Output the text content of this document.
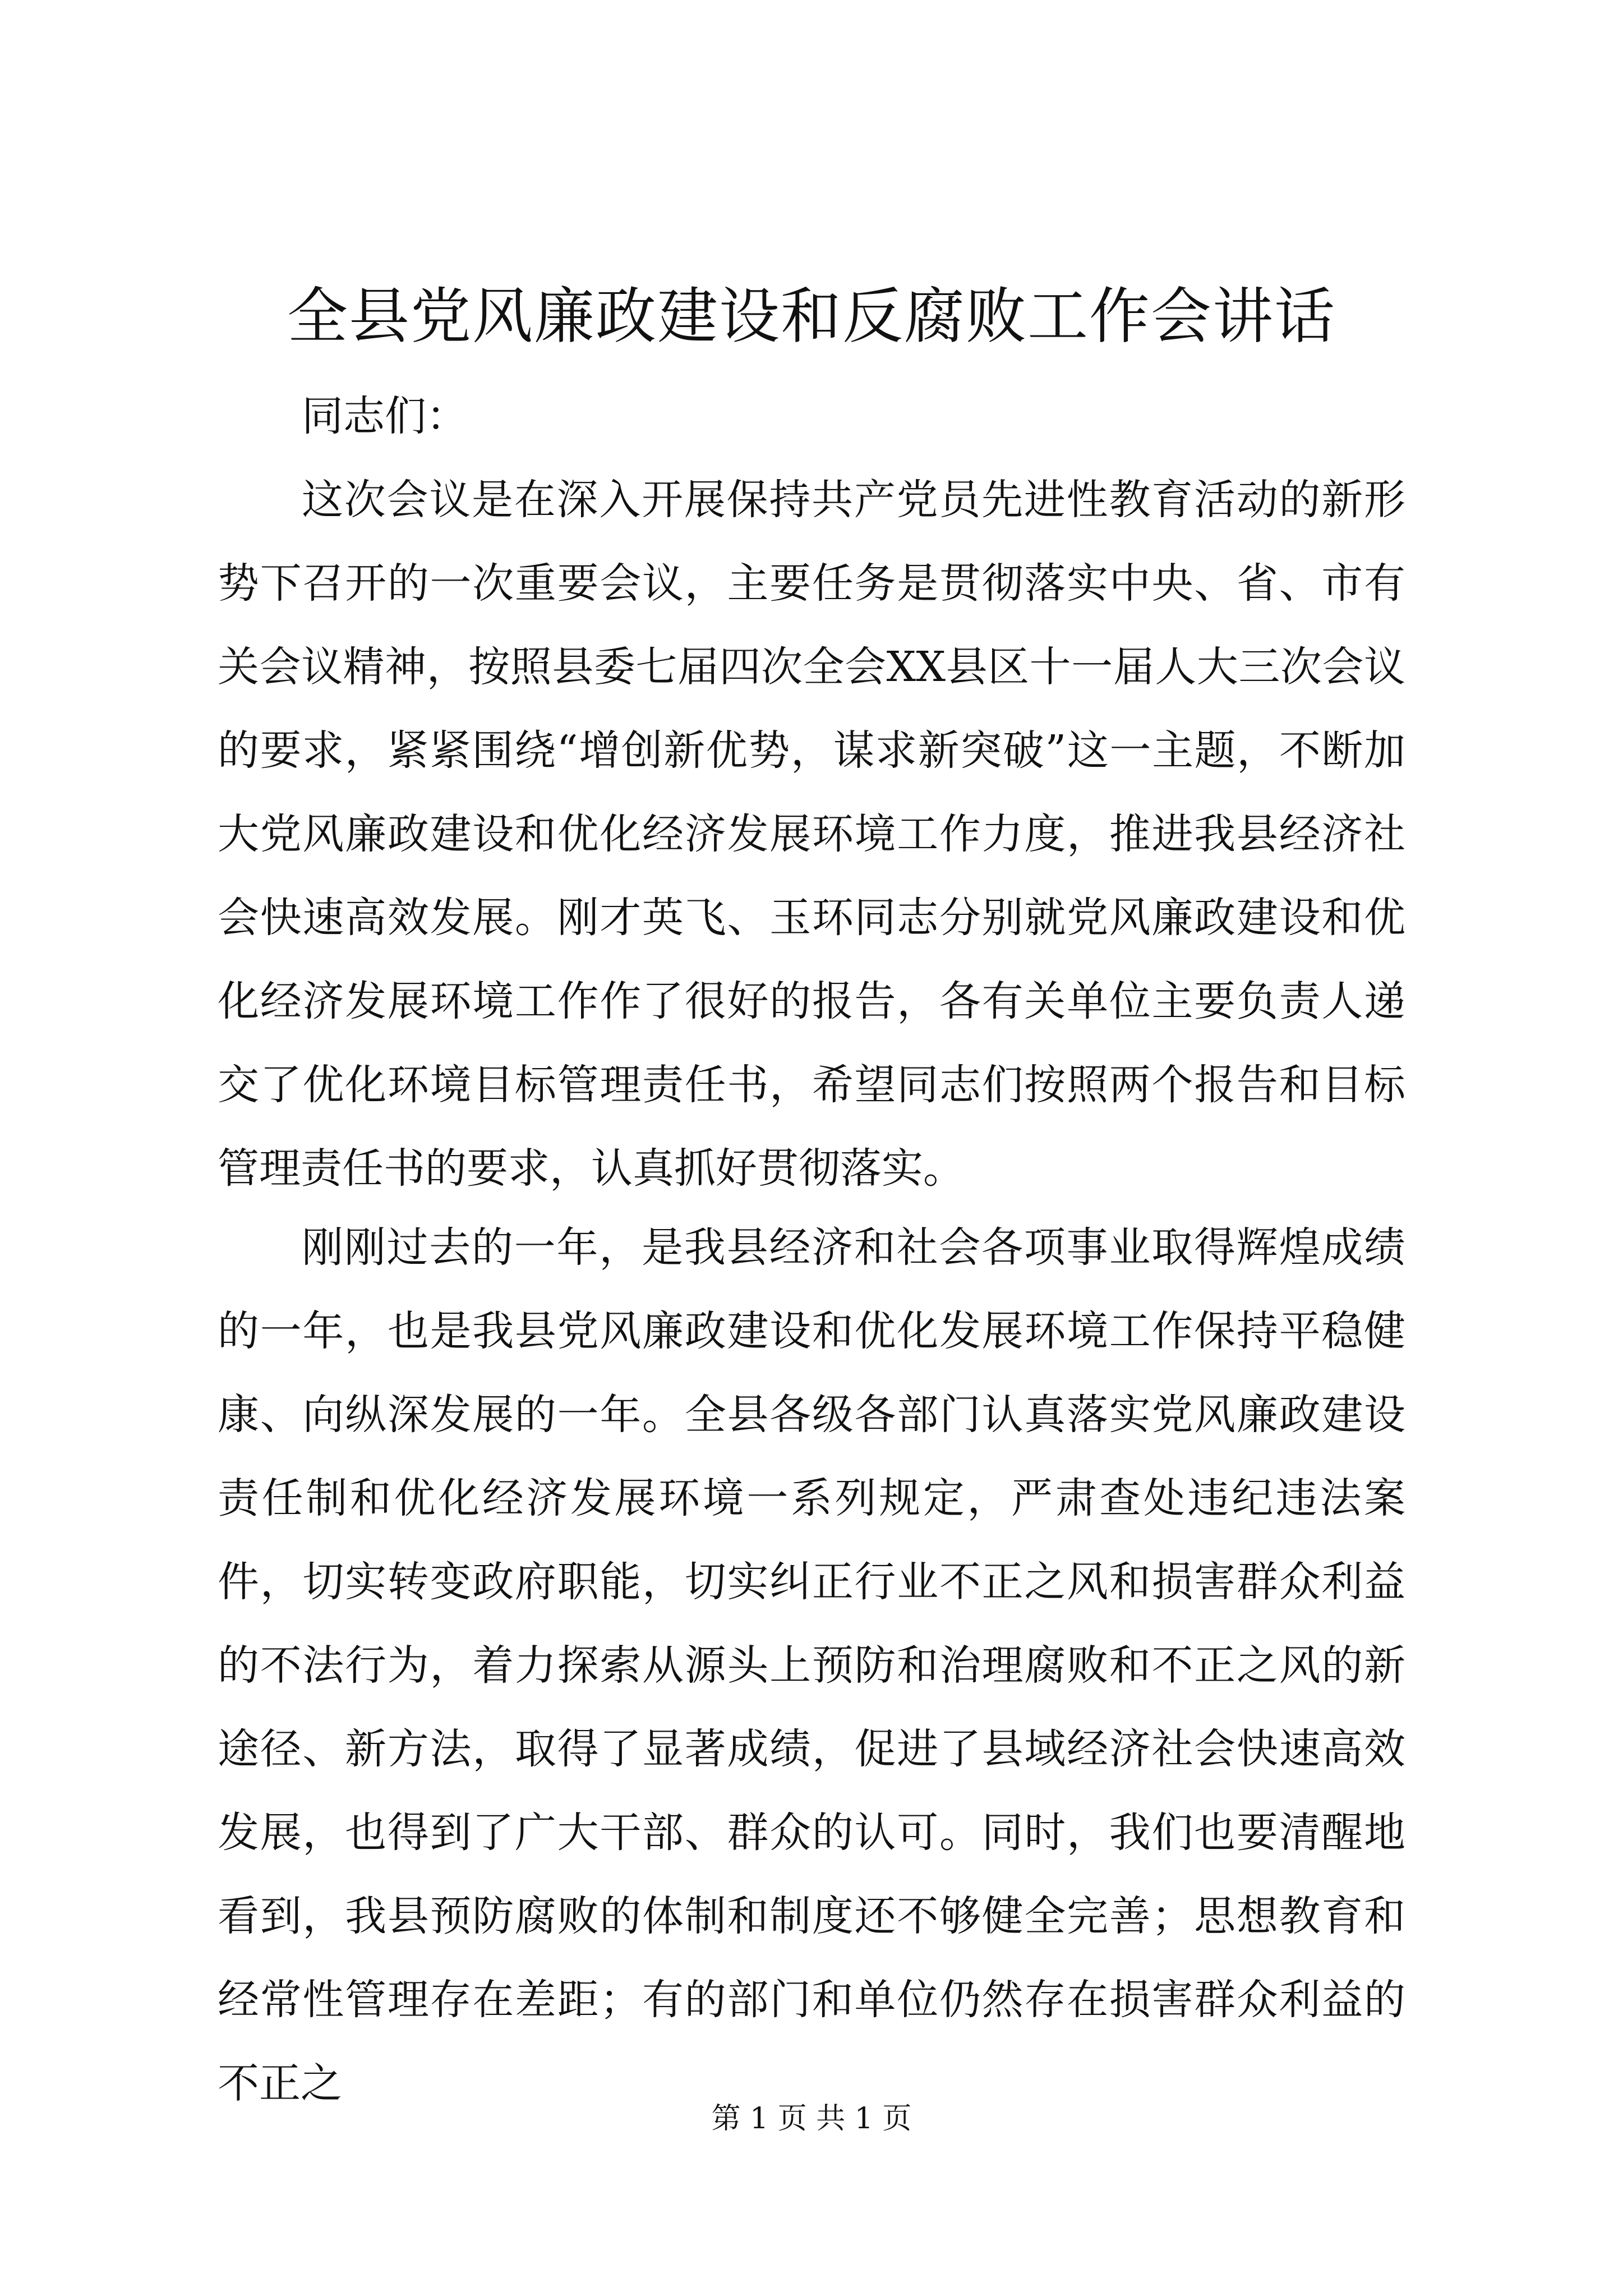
全县党风廉政建设和反腐败工作会讲话

同志们：

这次会议是在深入开展保持共产党员先进性教育活动的新形势下召开的一次重要会议，主要任务是贯彻落实中央、省、市有关会议精神，按照县委七届四次全会XX县区十一届人大三次会议的要求，紧紧围绕“增创新优势，谋求新突破”这一主题，不断加大党风廉政建设和优化经济发展环境工作力度，推进我县经济社会快速高效发展。刚才英飞、玉环同志分别就党风廉政建设和优化经济发展环境工作作了很好的报告，各有关单位主要负责人递交了优化环境目标管理责任书，希望同志们按照两个报告和目标管理责任书的要求，认真抓好贯彻落实。

刚刚过去的一年，是我县经济和社会各项事业取得辉煌成绩的一年，也是我县党风廉政建设和优化发展环境工作保持平稳健康、向纵深发展的一年。全县各级各部门认真落实党风廉政建设责任制和优化经济发展环境一系列规定，严肃查处违纪违法案件，切实转变政府职能，切实纠正行业不正之风和损害群众利益的不法行为，着力探索从源头上预防和治理腐败和不正之风的新途径、新方法，取得了显著成绩，促进了县域经济社会快速高效发展，也得到了广大干部、群众的认可。同时，我们也要清醒地看到，我县预防腐败的体制和制度还不够健全完善；思想教育和经常性管理存在差距；有的部门和单位仍然存在损害群众利益的不正之

第 1 页 共 1 页
